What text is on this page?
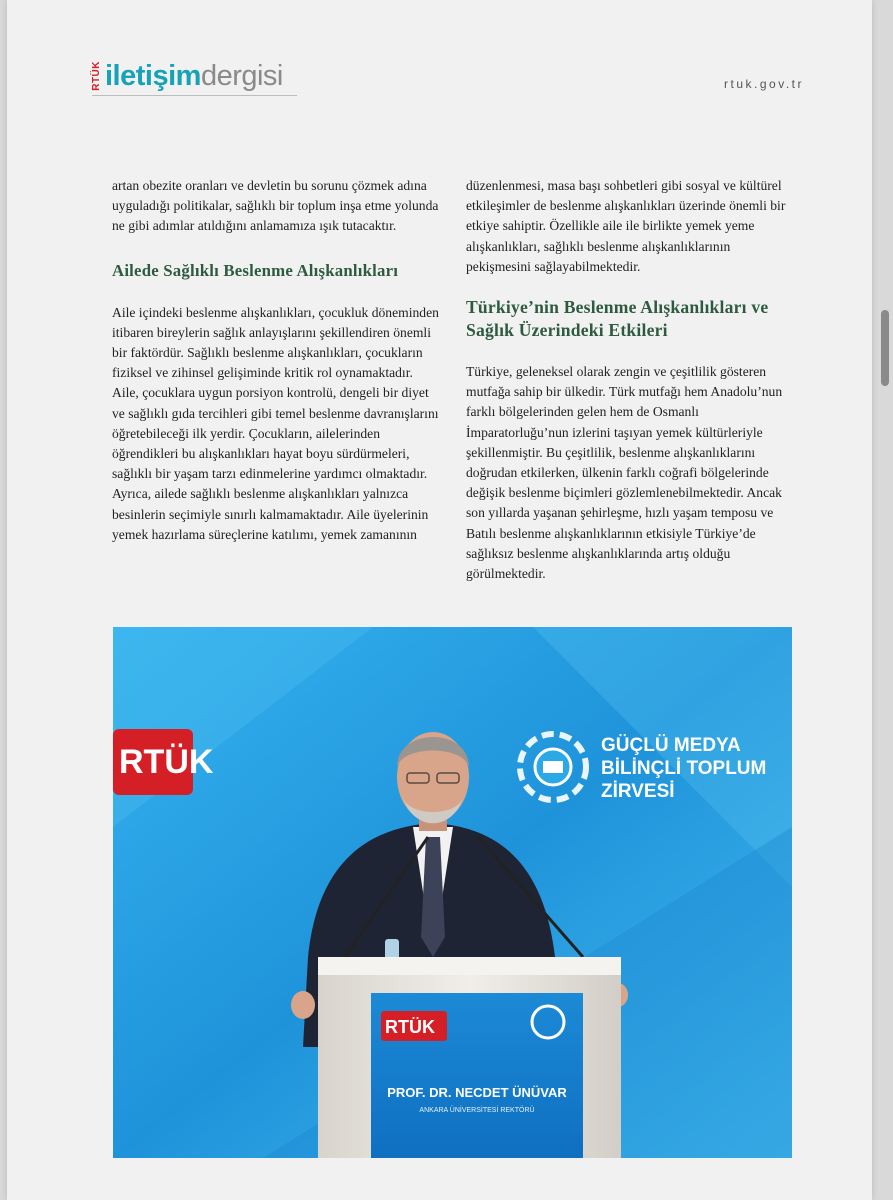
RTÜK iletişim dergisi	rtuk.gov.tr

artan obezite oranları ve devletin bu sorunu çözmek adına uyguladığı politikalar, sağlıklı bir toplum inşa etme yolunda ne gibi adımlar atıldığını anlamamıza ışık tutacaktır.

Ailede Sağlıklı Beslenme Alışkanlıkları

Aile içindeki beslenme alışkanlıkları, çocukluk döneminden itibaren bireylerin sağlık anlayışlarını şekillendiren önemli bir faktördür. Sağlıklı beslenme alışkanlıkları, çocukların fiziksel ve zihinsel gelişiminde kritik rol oynamaktadır. Aile, çocuklara uygun porsiyon kontrolü, dengeli bir diyet ve sağlıklı gıda tercihleri gibi temel beslenme davranışlarını öğretebileceği ilk yerdir. Çocukların, ailelerinden öğrendikleri bu alışkanlıkları hayat boyu sürdürmeleri, sağlıklı bir yaşam tarzı edinmelerine yardımcı olmaktadır. Ayrıca, ailede sağlıklı beslenme alışkanlıkları yalnızca besinlerin seçimiyle sınırlı kalmamaktadır. Aile üyelerinin yemek hazırlama süreçlerine katılımı, yemek zamanının

düzenlenmesi, masa başı sohbetleri gibi sosyal ve kültürel etkileşimler de beslenme alışkanlıkları üzerinde önemli bir etkiye sahiptir. Özellikle aile ile birlikte yemek yeme alışkanlıkları, sağlıklı beslenme alışkanlıklarının pekişmesini sağlayabilmektedir.

Türkiye’nin Beslenme Alışkanlıkları ve Sağlık Üzerindeki Etkileri

Türkiye, geleneksel olarak zengin ve çeşitlilik gösteren mutfağa sahip bir ülkedir. Türk mutfağı hem Anadolu’nun farklı bölgelerinden gelen hem de Osmanlı İmparatorluğu’nun izlerini taşıyan yemek kültürleriyle şekillenmiştir. Bu çeşitlilik, beslenme alışkanlıklarını doğrudan etkilerken, ülkenin farklı coğrafi bölgelerinde değişik beslenme biçimleri gözlemlenebilmektedir. Ancak son yıllarda yaşanan şehirleşme, hızlı yaşam temposu ve Batılı beslenme alışkanlıklarının etkisiyle Türkiye’de sağlıksız beslenme alışkanlıklarında artış olduğu görülmektedir.

RTÜK	GÜÇLÜ MEDYA
BİLİNÇLİ TOPLUM
ZİRVESİ
RTÜK
PROF. DR. NECDET ÜNÜVAR
ANKARA ÜNİVERSİTESİ REKTÖRÜ
